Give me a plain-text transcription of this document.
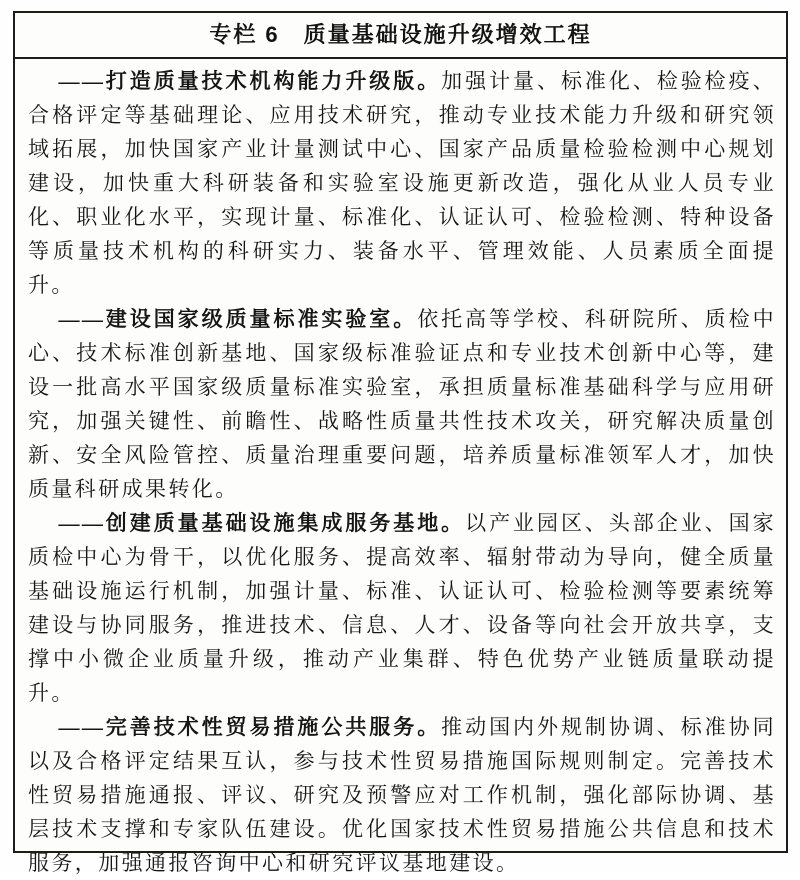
专栏 6　质量基础设施升级增效工程

——打造质量技术机构能力升级版。加强计量、标准化、检验检疫、合格评定等基础理论、应用技术研究，推动专业技术能力升级和研究领域拓展，加快国家产业计量测试中心、国家产品质量检验检测中心规划建设，加快重大科研装备和实验室设施更新改造，强化从业人员专业化、职业化水平，实现计量、标准化、认证认可、检验检测、特种设备等质量技术机构的科研实力、装备水平、管理效能、人员素质全面提升。

——建设国家级质量标准实验室。依托高等学校、科研院所、质检中心、技术标准创新基地、国家级标准验证点和专业技术创新中心等，建设一批高水平国家级质量标准实验室，承担质量标准基础科学与应用研究，加强关键性、前瞻性、战略性质量共性技术攻关，研究解决质量创新、安全风险管控、质量治理重要问题，培养质量标准领军人才，加快质量科研成果转化。

——创建质量基础设施集成服务基地。以产业园区、头部企业、国家质检中心为骨干，以优化服务、提高效率、辐射带动为导向，健全质量基础设施运行机制，加强计量、标准、认证认可、检验检测等要素统筹建设与协同服务，推进技术、信息、人才、设备等向社会开放共享，支撑中小微企业质量升级，推动产业集群、特色优势产业链质量联动提升。

——完善技术性贸易措施公共服务。推动国内外规制协调、标准协同以及合格评定结果互认，参与技术性贸易措施国际规则制定。完善技术性贸易措施通报、评议、研究及预警应对工作机制，强化部际协调、基层技术支撑和专家队伍建设。优化国家技术性贸易措施公共信息和技术服务，加强通报咨询中心和研究评议基地建设。
